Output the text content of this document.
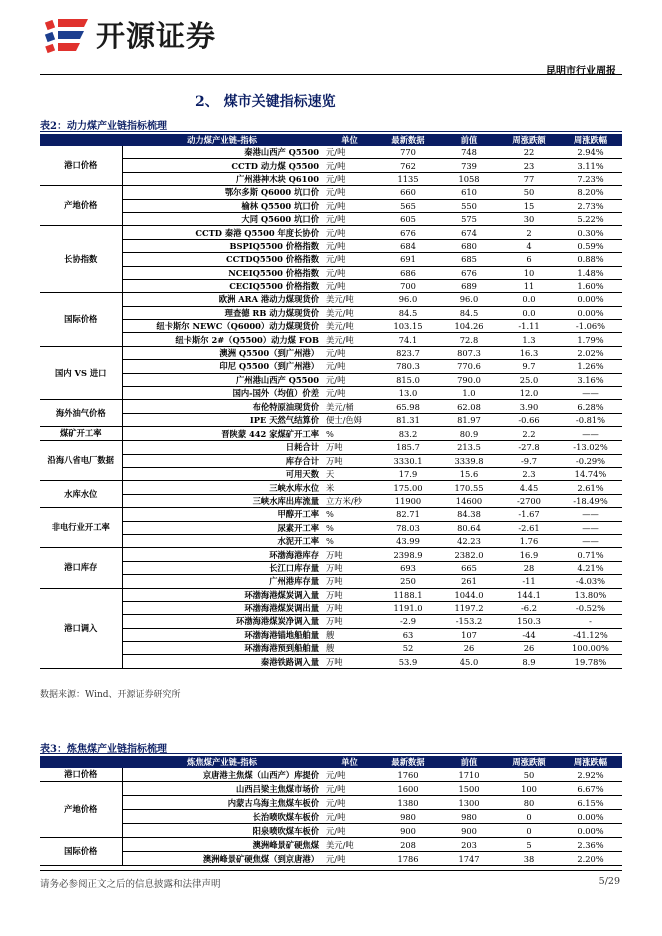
开源证券
昆明市行业周报
2、 煤市关键指标速览
表2：动力煤产业链指标梳理
	动力煤产业链-指标	单位	最新数据	前值	周涨跌额	周涨跌幅
港口价格	秦港山西产 Q5500	元/吨	770	748	22	2.94%
	CCTD 动力煤 Q5500	元/吨	762	739	23	3.11%
	广州港神木块 Q6100	元/吨	1135	1058	77	7.23%
产地价格	鄂尔多斯 Q6000 坑口价	元/吨	660	610	50	8.20%
	榆林 Q5500 坑口价	元/吨	565	550	15	2.73%
	大同 Q5600 坑口价	元/吨	605	575	30	5.22%
长协指数	CCTD 秦港 Q5500 年度长协价	元/吨	676	674	2	0.30%
	BSPIQ5500 价格指数	元/吨	684	680	4	0.59%
	CCTDQ5500 价格指数	元/吨	691	685	6	0.88%
	NCEIQ5500 价格指数	元/吨	686	676	10	1.48%
	CECIQ5500 价格指数	元/吨	700	689	11	1.60%
国际价格	欧洲 ARA 港动力煤现货价	美元/吨	96.0	96.0	0.0	0.00%
	理查德 RB 动力煤现货价	美元/吨	84.5	84.5	0.0	0.00%
	纽卡斯尔 NEWC（Q6000）动力煤现货价	美元/吨	103.15	104.26	-1.11	-1.06%
	纽卡斯尔 2#（Q5500）动力煤 FOB	美元/吨	74.1	72.8	1.3	1.79%
国内 VS 进口	澳洲 Q5500（到广州港）	元/吨	823.7	807.3	16.3	2.02%
	印尼 Q5500（到广州港）	元/吨	780.3	770.6	9.7	1.26%
	广州港山西产 Q5500	元/吨	815.0	790.0	25.0	3.16%
	国内-国外（均值）价差	元/吨	13.0	1.0	12.0	——
海外油气价格	布伦特原油现货价	美元/桶	65.98	62.08	3.90	6.28%
	IPE 天然气结算价	便士/色姆	81.31	81.97	-0.66	-0.81%
煤矿开工率	晋陕蒙 442 家煤矿开工率	%	83.2	80.9	2.2	——
沿海八省电厂数据	日耗合计	万吨	185.7	213.5	-27.8	-13.02%
	库存合计	万吨	3330.1	3339.8	-9.7	-0.29%
	可用天数	天	17.9	15.6	2.3	14.74%
水库水位	三峡水库水位	米	175.00	170.55	4.45	2.61%
	三峡水库出库流量	立方米/秒	11900	14600	-2700	-18.49%
非电行业开工率	甲醇开工率	%	82.71	84.38	-1.67	——
	尿素开工率	%	78.03	80.64	-2.61	——
	水泥开工率	%	43.99	42.23	1.76	——
港口库存	环渤海港库存	万吨	2398.9	2382.0	16.9	0.71%
	长江口库存量	万吨	693	665	28	4.21%
	广州港库存量	万吨	250	261	-11	-4.03%
港口调入	环渤海港煤炭调入量	万吨	1188.1	1044.0	144.1	13.80%
	环渤海港煤炭调出量	万吨	1191.0	1197.2	-6.2	-0.52%
	环渤海港煤炭净调入量	万吨	-2.9	-153.2	150.3	-
	环渤海港锚地船舶量	艘	63	107	-44	-41.12%
	环渤海港预到船舶量	艘	52	26	26	100.00%
	秦港铁路调入量	万吨	53.9	45.0	8.9	19.78%
数据来源：Wind、开源证券研究所
表3：炼焦煤产业链指标梳理
	炼焦煤产业链-指标	单位	最新数据	前值	周涨跌额	周涨跌幅
港口价格	京唐港主焦煤（山西产）库提价	元/吨	1760	1710	50	2.92%
产地价格	山西吕梁主焦煤市场价	元/吨	1600	1500	100	6.67%
	内蒙古乌海主焦煤车板价	元/吨	1380	1300	80	6.15%
	长治喷吹煤车板价	元/吨	980	980	0	0.00%
	阳泉喷吹煤车板价	元/吨	900	900	0	0.00%
国际价格	澳洲峰景矿硬焦煤	美元/吨	208	203	5	2.36%
	澳洲峰景矿硬焦煤（到京唐港）	元/吨	1786	1747	38	2.20%
请务必参阅正文之后的信息披露和法律声明	5/29
